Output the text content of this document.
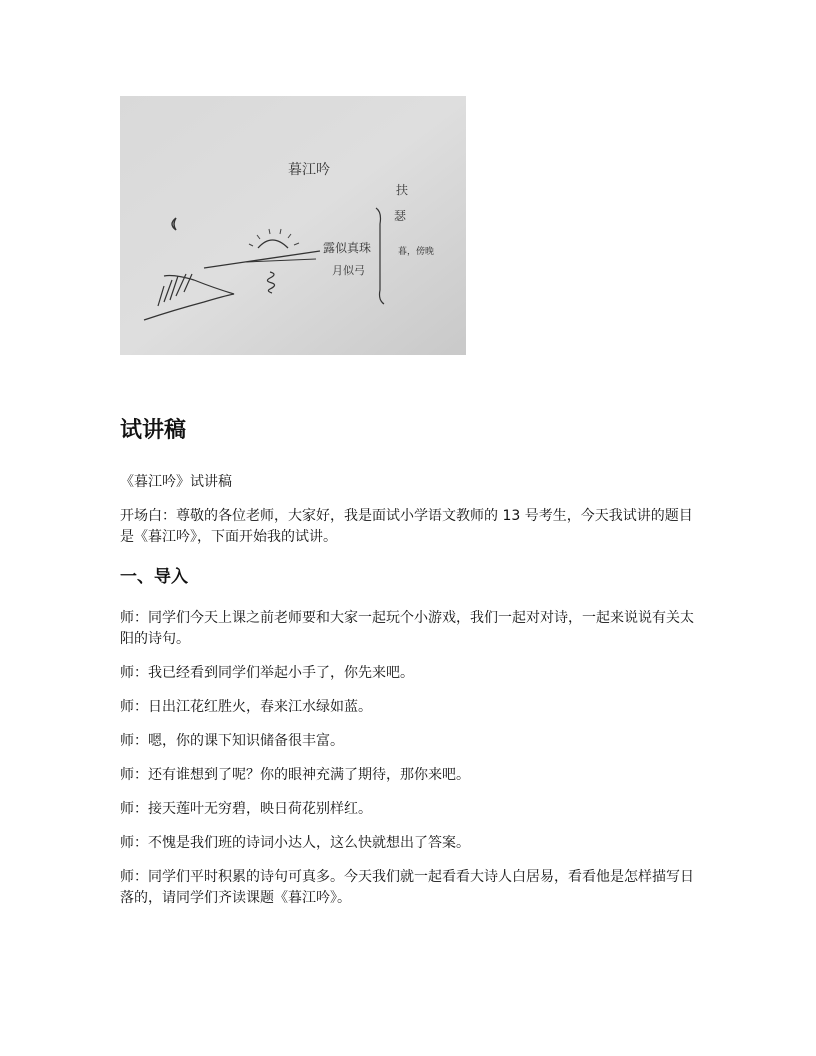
暮江吟
露似真珠
月似弓
扶
瑟
暮，傍晚
试讲稿
《暮江吟》试讲稿
开场白：尊敬的各位老师，大家好，我是面试小学语文教师的 13 号考生，今天我试讲的题目是《暮江吟》，下面开始我的试讲。
一、导入
师：同学们今天上课之前老师要和大家一起玩个小游戏，我们一起对对诗，一起来说说有关太阳的诗句。
师：我已经看到同学们举起小手了，你先来吧。
师：日出江花红胜火，春来江水绿如蓝。
师：嗯，你的课下知识储备很丰富。
师：还有谁想到了呢？你的眼神充满了期待，那你来吧。
师：接天莲叶无穷碧，映日荷花别样红。
师：不愧是我们班的诗词小达人，这么快就想出了答案。
师：同学们平时积累的诗句可真多。今天我们就一起看看大诗人白居易，看看他是怎样描写日落的，请同学们齐读课题《暮江吟》。
